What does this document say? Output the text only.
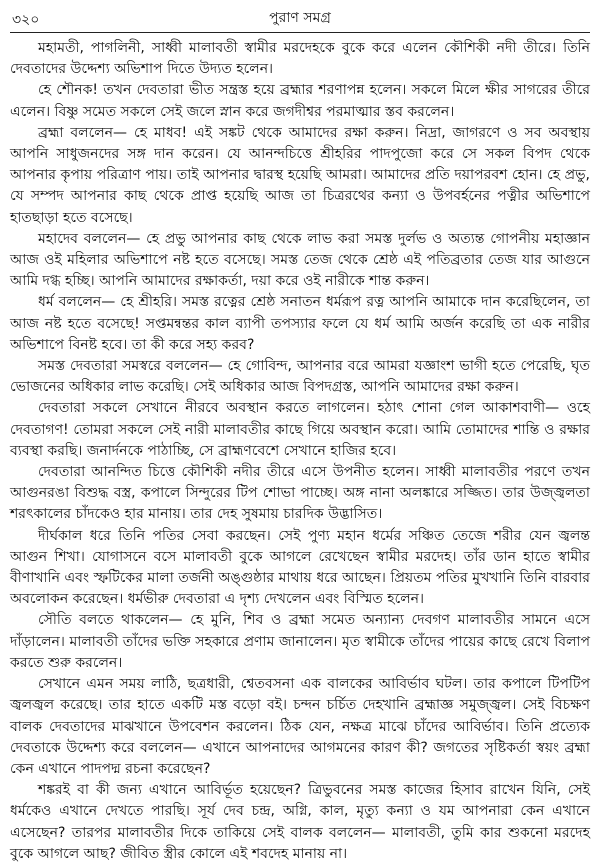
৩২০	পুরাণ সমগ্র

মহামতী, পাগলিনী, সাধ্বী মালাবতী স্বামীর মরদেহকে বুকে করে এলেন কৌশিকী নদী তীরে। তিনি দেবতাদের উদ্দেশ্য অভিশাপ দিতে উদ্যত হলেন।

হে শৌনক! তখন দেবতারা ভীত সন্ত্রস্ত হয়ে ব্রহ্মার শরণাপন্ন হলেন। সকলে মিলে ক্ষীর সাগরের তীরে এলেন। বিষ্ণু সমেত সকলে সেই জলে স্নান করে জগদীশ্বর পরমাত্মার স্তব করলেন।

ব্রহ্মা বললেন— হে মাধব! এই সঙ্কট থেকে আমাদের রক্ষা করুন। নিদ্রা, জাগরণে ও সব অবস্থায় আপনি সাধুজনদের সঙ্গ দান করেন। যে আনন্দচিত্তে শ্রীহরির পাদপুজো করে সে সকল বিপদ থেকে আপনার কৃপায় পরিত্রাণ পায়। তাই আপনার দ্বারস্থ হয়েছি আমরা। আমাদের প্রতি দয়াপরবশ হোন। হে প্রভু, যে সম্পদ আপনার কাছ থেকে প্রাপ্ত হয়েছি আজ তা চিত্ররথের কন্যা ও উপবর্হনের পত্নীর অভিশাপে হাতছাড়া হতে বসেছে।

মহাদেব বললেন— হে প্রভু আপনার কাছ থেকে লাভ করা সমস্ত দুর্লভ ও অত্যন্ত গোপনীয় মহাজ্ঞান আজ ওই মহিলার অভিশাপে নষ্ট হতে বসেছে। সমস্ত তেজ থেকে শ্রেষ্ঠ এই পতিব্রতার তেজ যার আগুনে আমি দগ্ধ হচ্ছি। আপনি আমাদের রক্ষাকর্তা, দয়া করে ওই নারীকে শান্ত করুন।

ধর্ম বললেন— হে শ্রীহরি। সমস্ত রত্নের শ্রেষ্ঠ সনাতন ধর্মরূপ রত্ন আপনি আমাকে দান করেছিলেন, তা আজ নষ্ট হতে বসেছে! সপ্তমন্বন্তর কাল ব্যাপী তপস্যার ফলে যে ধর্ম আমি অর্জন করেছি তা এক নারীর অভিশাপে বিনষ্ট হবে। তা কী করে সহ্য করব?

সমস্ত দেবতারা সমস্বরে বললেন— হে গোবিন্দ, আপনার বরে আমরা যজ্ঞাংশ ভাগী হতে পেরেছি, ঘৃত ভোজনের অধিকার লাভ করেছি। সেই অধিকার আজ বিপদগ্রস্ত, আপনি আমাদের রক্ষা করুন।

দেবতারা সকলে সেখানে নীরবে অবস্থান করতে লাগলেন। হঠাৎ শোনা গেল আকাশবাণী— ওহে দেবতাগণ! তোমরা সকলে সেই নারী মালাবতীর কাছে গিয়ে অবস্থান করো। আমি তোমাদের শান্তি ও রক্ষার ব্যবস্থা করছি। জনার্দনকে পাঠাচ্ছি, সে ব্রাহ্মণবেশে সেখানে হাজির হবে।

দেবতারা আনন্দিত চিত্তে কৌশিকী নদীর তীরে এসে উপনীত হলেন। সাধ্বী মালাবতীর পরণে তখন আগুনরঙা বিশুদ্ধ বস্ত্র, কপালে সিন্দুরের টিপ শোভা পাচ্ছে। অঙ্গ নানা অলঙ্কারে সজ্জিত। তার উজ্জ্বলতা শরৎকালের চাঁদকেও হার মানায়। তার দেহ সুষমায় চারদিক উদ্ভাসিত।

দীর্ঘকাল ধরে তিনি পতির সেবা করছেন। সেই পুণ্য মহান ধর্মের সঞ্চিত তেজে শরীর যেন জ্বলন্ত আগুন শিখা। যোগাসনে বসে মালাবতী বুকে আগলে রেখেছেন স্বামীর মরদেহ। তাঁর ডান হাতে স্বামীর বীণাখানি এবং স্ফটিকের মালা তর্জনী অঙ্গুষ্ঠার মাথায় ধরে আছেন। প্রিয়তম পতির মুখখানি তিনি বারবার অবলোকন করেছেন। ধর্মভীরু দেবতারা এ দৃশ্য দেখলেন এবং বিস্মিত হলেন।

সৌতি বলতে থাকলেন— হে মুনি, শিব ও ব্রহ্মা সমেত অন্যান্য দেবগণ মালাবতীর সামনে এসে দাঁড়ালেন। মালাবতী তাঁদের ভক্তি সহকারে প্রণাম জানালেন। মৃত স্বামীকে তাঁদের পায়ের কাছে রেখে বিলাপ করতে শুরু করলেন।

সেখানে এমন সময় লাঠি, ছত্রধারী, শ্বেতবসনা এক বালকের আবির্ভাব ঘটল। তার কপালে টিপটিপ জ্বলজ্বল করেছে। তার হাতে একটি মস্ত বড়ো বই। চন্দন চর্চিত দেহখানি ব্রহ্মাজ্ঞ সমুজ্জ্বল। সেই বিচক্ষণ বালক দেবতাদের মাঝখানে উপবেশন করলেন। ঠিক যেন, নক্ষত্র মাঝে চাঁদের আবির্ভাব। তিনি প্রত্যেক দেবতাকে উদ্দেশ্য করে বললেন— এখানে আপনাদের আগমনের কারণ কী? জগতের সৃষ্টিকর্তা স্বয়ং ব্রহ্মা কেন এখানে পাদপদ্ম রচনা করেছেন?

শঙ্করই বা কী জন্য এখানে আবির্ভূত হয়েছেন? ত্রিভুবনের সমস্ত কাজের হিসাব রাখেন যিনি, সেই ধর্মকেও এখানে দেখতে পারছি। সূর্য দেব চন্দ্র, অগ্নি, কাল, মৃত্যু কন্যা ও যম আপনারা কেন এখানে এসেছেন? তারপর মালাবতীর দিকে তাকিয়ে সেই বালক বললেন— মালাবতী, তুমি কার শুকনো মরদেহ বুকে আগলে আছ? জীবিত স্ত্রীর কোলে এই শবদেহ মানায় না।
